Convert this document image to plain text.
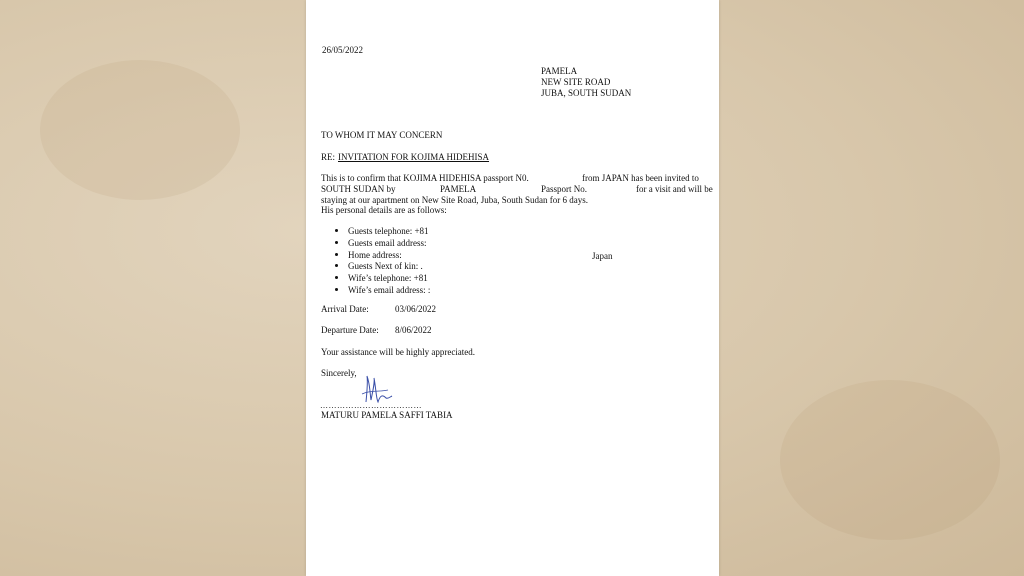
26/05/2022
PAMELA
NEW SITE ROAD
JUBA, SOUTH SUDAN
TO WHOM IT MAY CONCERN
RE: INVITATION FOR KOJIMA HIDEHISA
This is to confirm that KOJIMA HIDEHISA passport N0.	from JAPAN has been invited to
SOUTH SUDAN by	PAMELA	Passport No.	for a visit and will be
staying at our apartment on New Site Road, Juba, South Sudan for 6 days.
His personal details are as follows:
Guests telephone: +81
Guests email address:
Home address:	Japan
Guests Next of kin: .
Wife’s telephone: +81
Wife’s email address: :
Arrival Date:	03/06/2022
Departure Date: 8/06/2022
Your assistance will be highly appreciated.
Sincerely,
………………………………
MATURU PAMELA SAFFI TABIA
